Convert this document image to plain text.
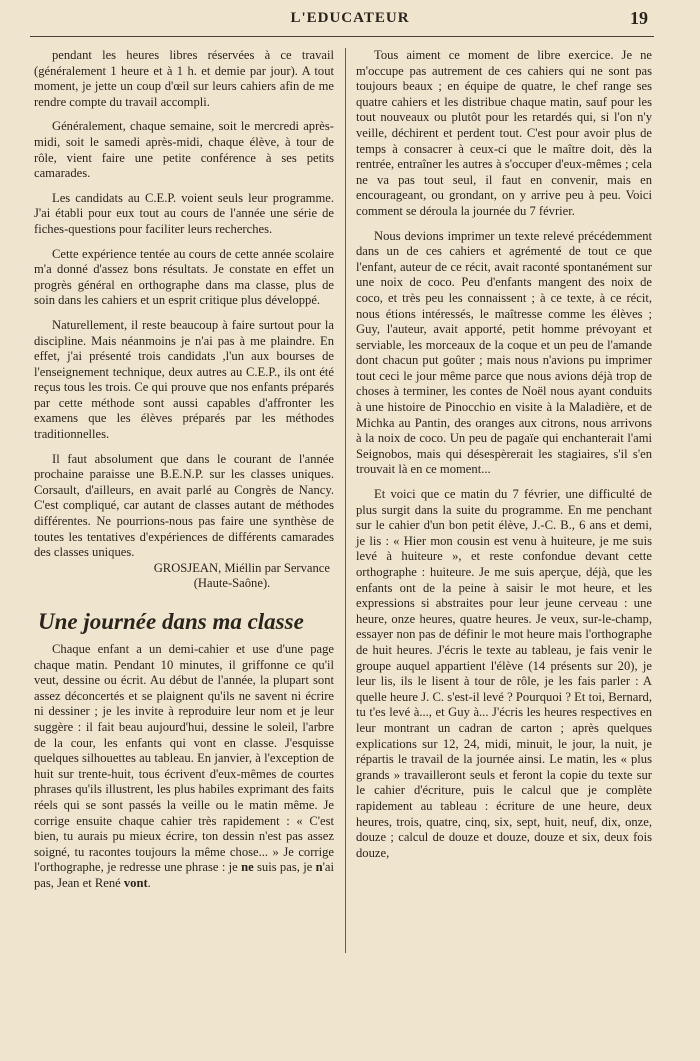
L'EDUCATEUR	19

pendant les heures libres réservées à ce travail (généralement 1 heure et à 1 h. et demie par jour). A tout moment, je jette un coup d'œil sur leurs cahiers afin de me rendre compte du travail accompli.

Généralement, chaque semaine, soit le mercredi après-midi, soit le samedi après-midi, chaque élève, à tour de rôle, vient faire une petite conférence à ses petits camarades.

Les candidats au C.E.P. voient seuls leur programme. J'ai établi pour eux tout au cours de l'année une série de fiches-questions pour faciliter leurs recherches.

Cette expérience tentée au cours de cette année scolaire m'a donné d'assez bons résultats. Je constate en effet un progrès général en orthographe dans ma classe, plus de soin dans les cahiers et un esprit critique plus développé.

Naturellement, il reste beaucoup à faire surtout pour la discipline. Mais néanmoins je n'ai pas à me plaindre. En effet, j'ai présenté trois candidats ,l'un aux bourses de l'enseignement technique, deux autres au C.E.P., ils ont été reçus tous les trois. Ce qui prouve que nos enfants préparés par cette méthode sont aussi capables d'affronter les examens que les élèves préparés par les méthodes traditionnelles.

Il faut absolument que dans le courant de l'année prochaine paraisse une B.E.N.P. sur les classes uniques. Corsault, d'ailleurs, en avait parlé au Congrès de Nancy. C'est compliqué, car autant de classes autant de méthodes différentes. Ne pourrions-nous pas faire une synthèse de toutes les tentatives d'expériences de différents camarades des classes uniques.

GROSJEAN, Miéllin par Servance

(Haute-Saône).

Une journée dans ma classe

Chaque enfant a un demi-cahier et use d'une page chaque matin. Pendant 10 minutes, il griffonne ce qu'il veut, dessine ou écrit. Au début de l'année, la plupart sont assez déconcertés et se plaignent qu'ils ne savent ni écrire ni dessiner ; je les invite à reproduire leur nom et je leur suggère : il fait beau aujourd'hui, dessine le soleil, l'arbre de la cour, les enfants qui vont en classe. J'esquisse quelques silhouettes au tableau. En janvier, à l'exception de huit sur trente-huit, tous écrivent d'eux-mêmes de courtes phrases qu'ils illustrent, les plus habiles exprimant des faits réels qui se sont passés la veille ou le matin même. Je corrige ensuite chaque cahier très rapidement : « C'est bien, tu aurais pu mieux écrire, ton dessin n'est pas assez soigné, tu racontes toujours la même chose... » Je corrige l'orthographe, je redresse une phrase : je ne suis pas, je n'ai pas, Jean et René vont.

Tous aiment ce moment de libre exercice. Je ne m'occupe pas autrement de ces cahiers qui ne sont pas toujours beaux ; en équipe de quatre, le chef range ses quatre cahiers et les distribue chaque matin, sauf pour les tout nouveaux ou plutôt pour les retardés qui, si l'on n'y veille, déchirent et perdent tout. C'est pour avoir plus de temps à consacrer à ceux-ci que le maître doit, dès la rentrée, entraîner les autres à s'occuper d'eux-mêmes ; cela ne va pas tout seul, il faut en convenir, mais en encourageant, ou grondant, on y arrive peu à peu. Voici comment se déroula la journée du 7 février.

Nous devions imprimer un texte relevé précédemment dans un de ces cahiers et agrémenté de tout ce que l'enfant, auteur de ce récit, avait raconté spontanément sur une noix de coco. Peu d'enfants mangent des noix de coco, et très peu les connaissent ; à ce texte, à ce récit, nous étions intéressés, le maîtresse comme les élèves ; Guy, l'auteur, avait apporté, petit homme prévoyant et serviable, les morceaux de la coque et un peu de l'amande dont chacun put goûter ; mais nous n'avions pu imprimer tout ceci le jour même parce que nous avions déjà trop de choses à terminer, les contes de Noël nous ayant conduits à une histoire de Pinocchio en visite à la Maladière, et de Michka au Pantin, des oranges aux citrons, nous arrivons à la noix de coco. Un peu de pagaïe qui enchanterait l'ami Seignobos, mais qui désespèrerait les stagiaires, s'il s'en trouvait là en ce moment...

Et voici que ce matin du 7 février, une difficulté de plus surgit dans la suite du programme. En me penchant sur le cahier d'un bon petit élève, J.-C. B., 6 ans et demi, je lis : « Hier mon cousin est venu à huiteure, je me suis levé à huiteure », et reste confondue devant cette orthographe : huiteure. Je me suis aperçue, déjà, que les enfants ont de la peine à saisir le mot heure, et les expressions si abstraites pour leur jeune cerveau : une heure, onze heures, quatre heures. Je veux, sur-le-champ, essayer non pas de définir le mot heure mais l'orthographe de huit heures. J'écris le texte au tableau, je fais venir le groupe auquel appartient l'élève (14 présents sur 20), je leur lis, ils le lisent à tour de rôle, je les fais parler : A quelle heure J. C. s'est-il levé ? Pourquoi ? Et toi, Bernard, tu t'es levé à..., et Guy à... J'écris les heures respectives en leur montrant un cadran de carton ; après quelques explications sur 12, 24, midi, minuit, le jour, la nuit, je répartis le travail de la journée ainsi. Le matin, les « plus grands » travailleront seuls et feront la copie du texte sur le cahier d'écriture, puis le calcul que je complète rapidement au tableau : écriture de une heure, deux heures, trois, quatre, cinq, six, sept, huit, neuf, dix, onze, douze ; calcul de douze et douze, douze et six, deux fois douze,
